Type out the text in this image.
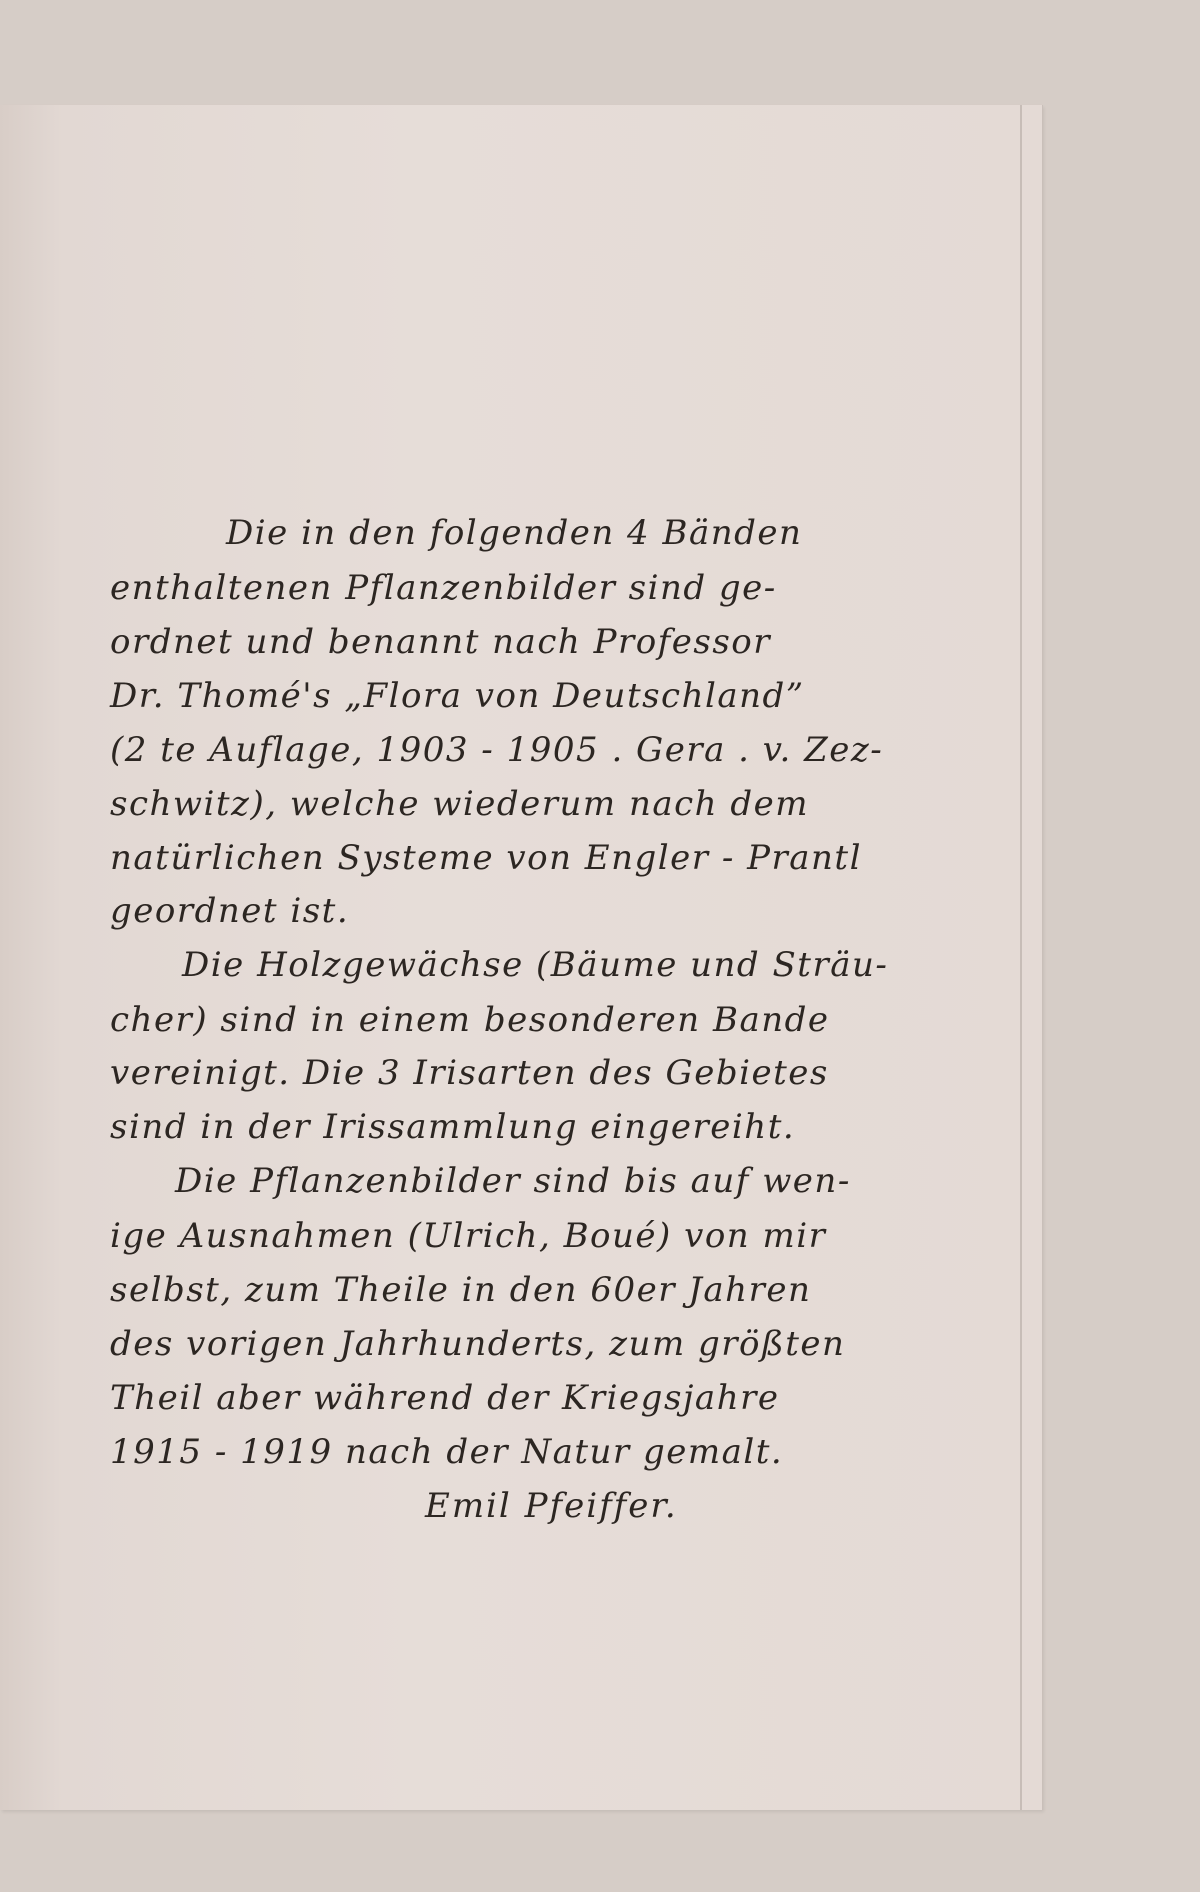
Die in den folgenden 4 Bänden
enthaltenen Pflanzenbilder sind ge-
ordnet und benannt nach Professor
Dr. Thomé's „Flora von Deutschland”
(2 te Auflage, 1903 - 1905 . Gera . v. Zez-
schwitz), welche wiederum nach dem
natürlichen Systeme von Engler - Prantl
geordnet ist.
Die Holzgewächse (Bäume und Sträu-
cher) sind in einem besonderen Bande
vereinigt. Die 3 Irisarten des Gebietes
sind in der Irissammlung eingereiht.
Die Pflanzenbilder sind bis auf wen-
ige Ausnahmen (Ulrich, Boué) von mir
selbst, zum Theile in den 60er Jahren
des vorigen Jahrhunderts, zum größten
Theil aber während der Kriegsjahre
1915 - 1919 nach der Natur gemalt.
Emil Pfeiffer.
